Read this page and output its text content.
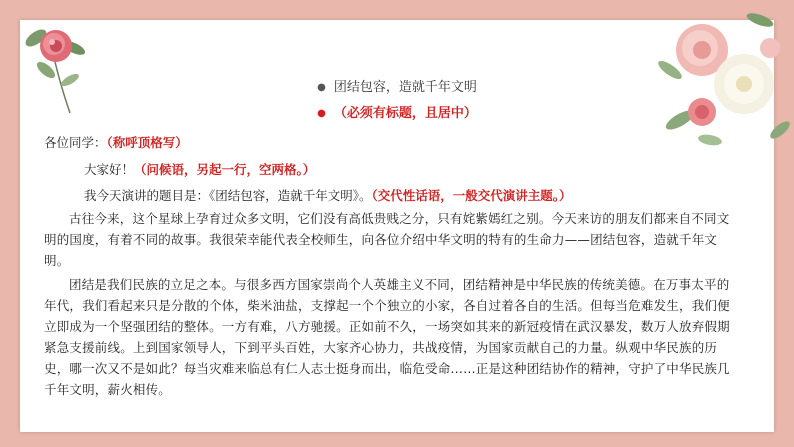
● 团结包容，造就千年文明
● （必须有标题，且居中）
各位同学：（称呼顶格写）
大家好！（问候语，另起一行，空两格。）
我今天演讲的题目是：《团结包容，造就千年文明》。（交代性话语，一般交代演讲主题。）
古往今来，这个星球上孕育过众多文明，它们没有高低贵贱之分，只有姹紫嫣红之别。今天来访的朋友们都来自不同文明的国度，有着不同的故事。我很荣幸能代表全校师生，向各位介绍中华文明的特有的生命力——团结包容，造就千年文明。
团结是我们民族的立足之本。与很多西方国家崇尚个人英雄主义不同，团结精神是中华民族的传统美德。在万事太平的年代，我们看起来只是分散的个体，柴米油盐，支撑起一个个独立的小家，各自过着各自的生活。但每当危难发生，我们便立即成为一个坚强团结的整体。一方有难，八方驰援。正如前不久，一场突如其来的新冠疫情在武汉暴发，数万人放弃假期紧急支援前线。上到国家领导人，下到平头百姓，大家齐心协力，共战疫情，为国家贡献自己的力量。纵观中华民族的历史，哪一次又不是如此？每当灾难来临总有仁人志士挺身而出，临危受命……正是这种团结协作的精神，守护了中华民族几千年文明，薪火相传。
